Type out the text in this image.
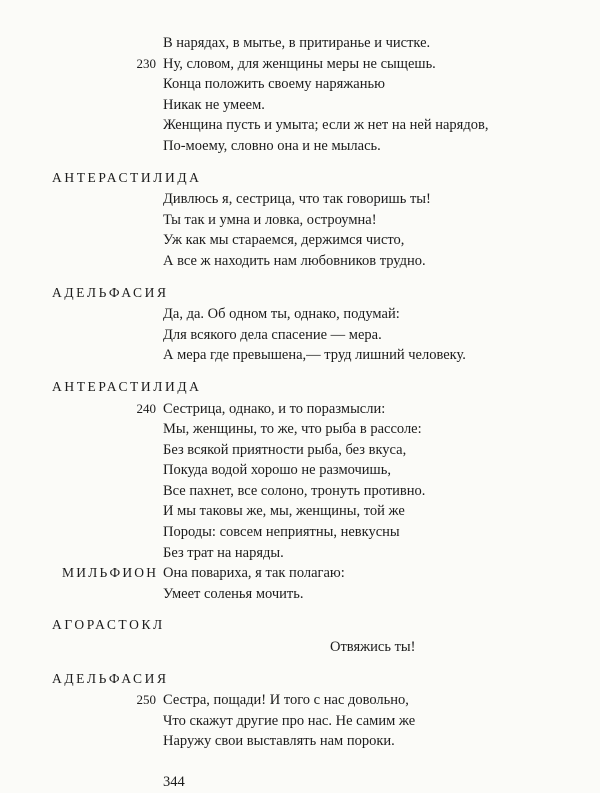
В нарядах, в мытье, в притиранье и чистке.
230 Ну, словом, для женщины меры не сыщешь.
Конца положить своему наряжанью
Никак не умеем.
Женщина пусть и умыта; если ж нет на ней нарядов,
По-моему, словно она и не мылась.
АНТЕРАСТИЛИДА
Дивлюсь я, сестрица, что так говоришь ты!
Ты так и умна и ловка, остроумна!
Уж как мы стараемся, держимся чисто,
А все ж находить нам любовников трудно.
АДЕЛЬФАСИЯ
Да, да. Об одном ты, однако, подумай:
Для всякого дела спасение — мера.
А мера где превышена,— труд лишний человеку.
АНТЕРАСТИЛИДА
240 Сестрица, однако, и то поразмысли:
Мы, женщины, то же, что рыба в рассоле:
Без всякой приятности рыба, без вкуса,
Покуда водой хорошо не размочишь,
Все пахнет, все солоно, тронуть противно.
И мы таковы же, мы, женщины, той же
Породы: совсем неприятны, невкусны
Без трат на наряды.
МИЛЬФИОН Она повариха, я так полагаю:
Умеет соленья мочить.
АГОРАСТОКЛ
Отвяжись ты!
АДЕЛЬФАСИЯ
250 Сестра, пощади! И того с нас довольно,
Что скажут другие про нас. Не самим же
Наружу свои выставлять нам пороки.
344
